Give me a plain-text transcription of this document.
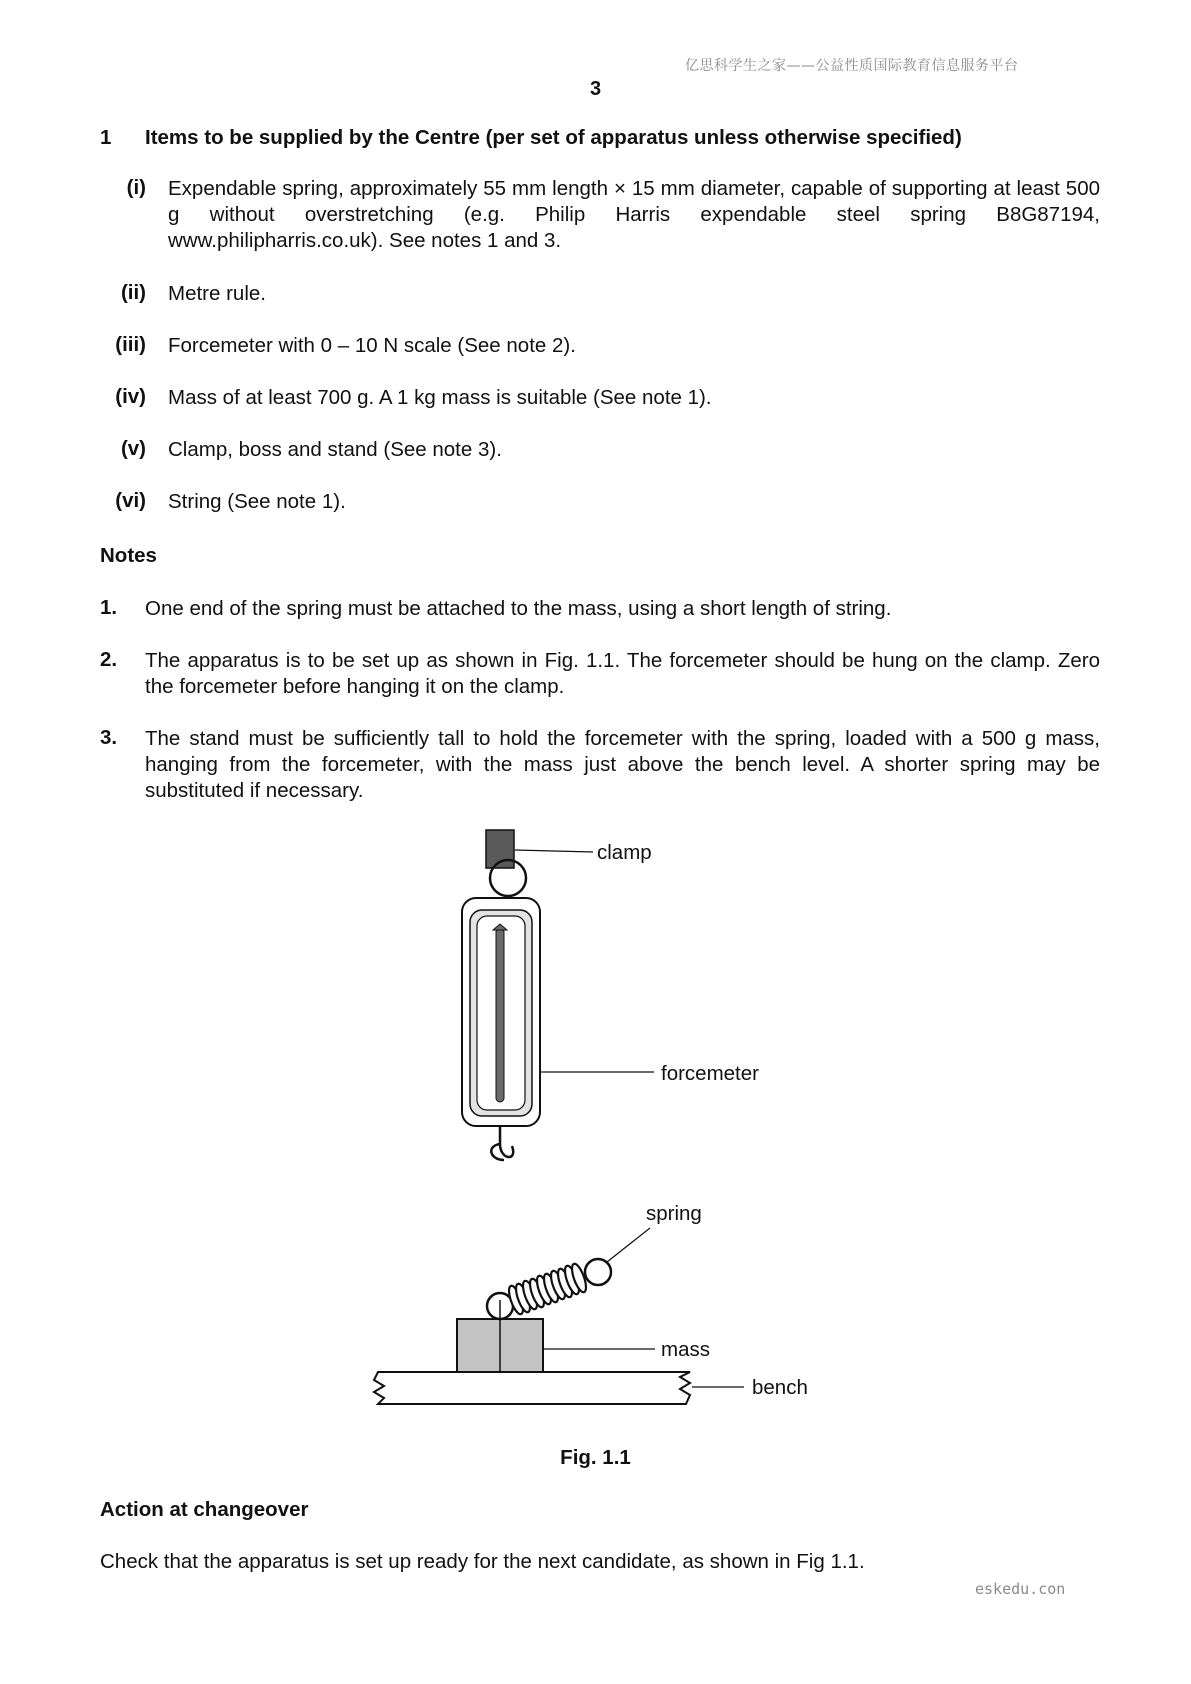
亿思科学生之家——公益性质国际教育信息服务平台
3
1 Items to be supplied by the Centre (per set of apparatus unless otherwise specified)
(i) Expendable spring, approximately 55 mm length × 15 mm diameter, capable of supporting at least 500 g without overstretching (e.g. Philip Harris expendable steel spring B8G87194, www.philipharris.co.uk). See notes 1 and 3.
(ii) Metre rule.
(iii) Forcemeter with 0 – 10 N scale (See note 2).
(iv) Mass of at least 700 g. A 1 kg mass is suitable (See note 1).
(v) Clamp, boss and stand (See note 3).
(vi) String (See note 1).
Notes
1. One end of the spring must be attached to the mass, using a short length of string.
2. The apparatus is to be set up as shown in Fig. 1.1. The forcemeter should be hung on the clamp. Zero the forcemeter before hanging it on the clamp.
3. The stand must be sufficiently tall to hold the forcemeter with the spring, loaded with a 500 g mass, hanging from the forcemeter, with the mass just above the bench level. A shorter spring may be substituted if necessary.
clamp
forcemeter
bench
mass
spring
Fig. 1.1
Action at changeover
Check that the apparatus is set up ready for the next candidate, as shown in Fig 1.1.
eskedu.con
